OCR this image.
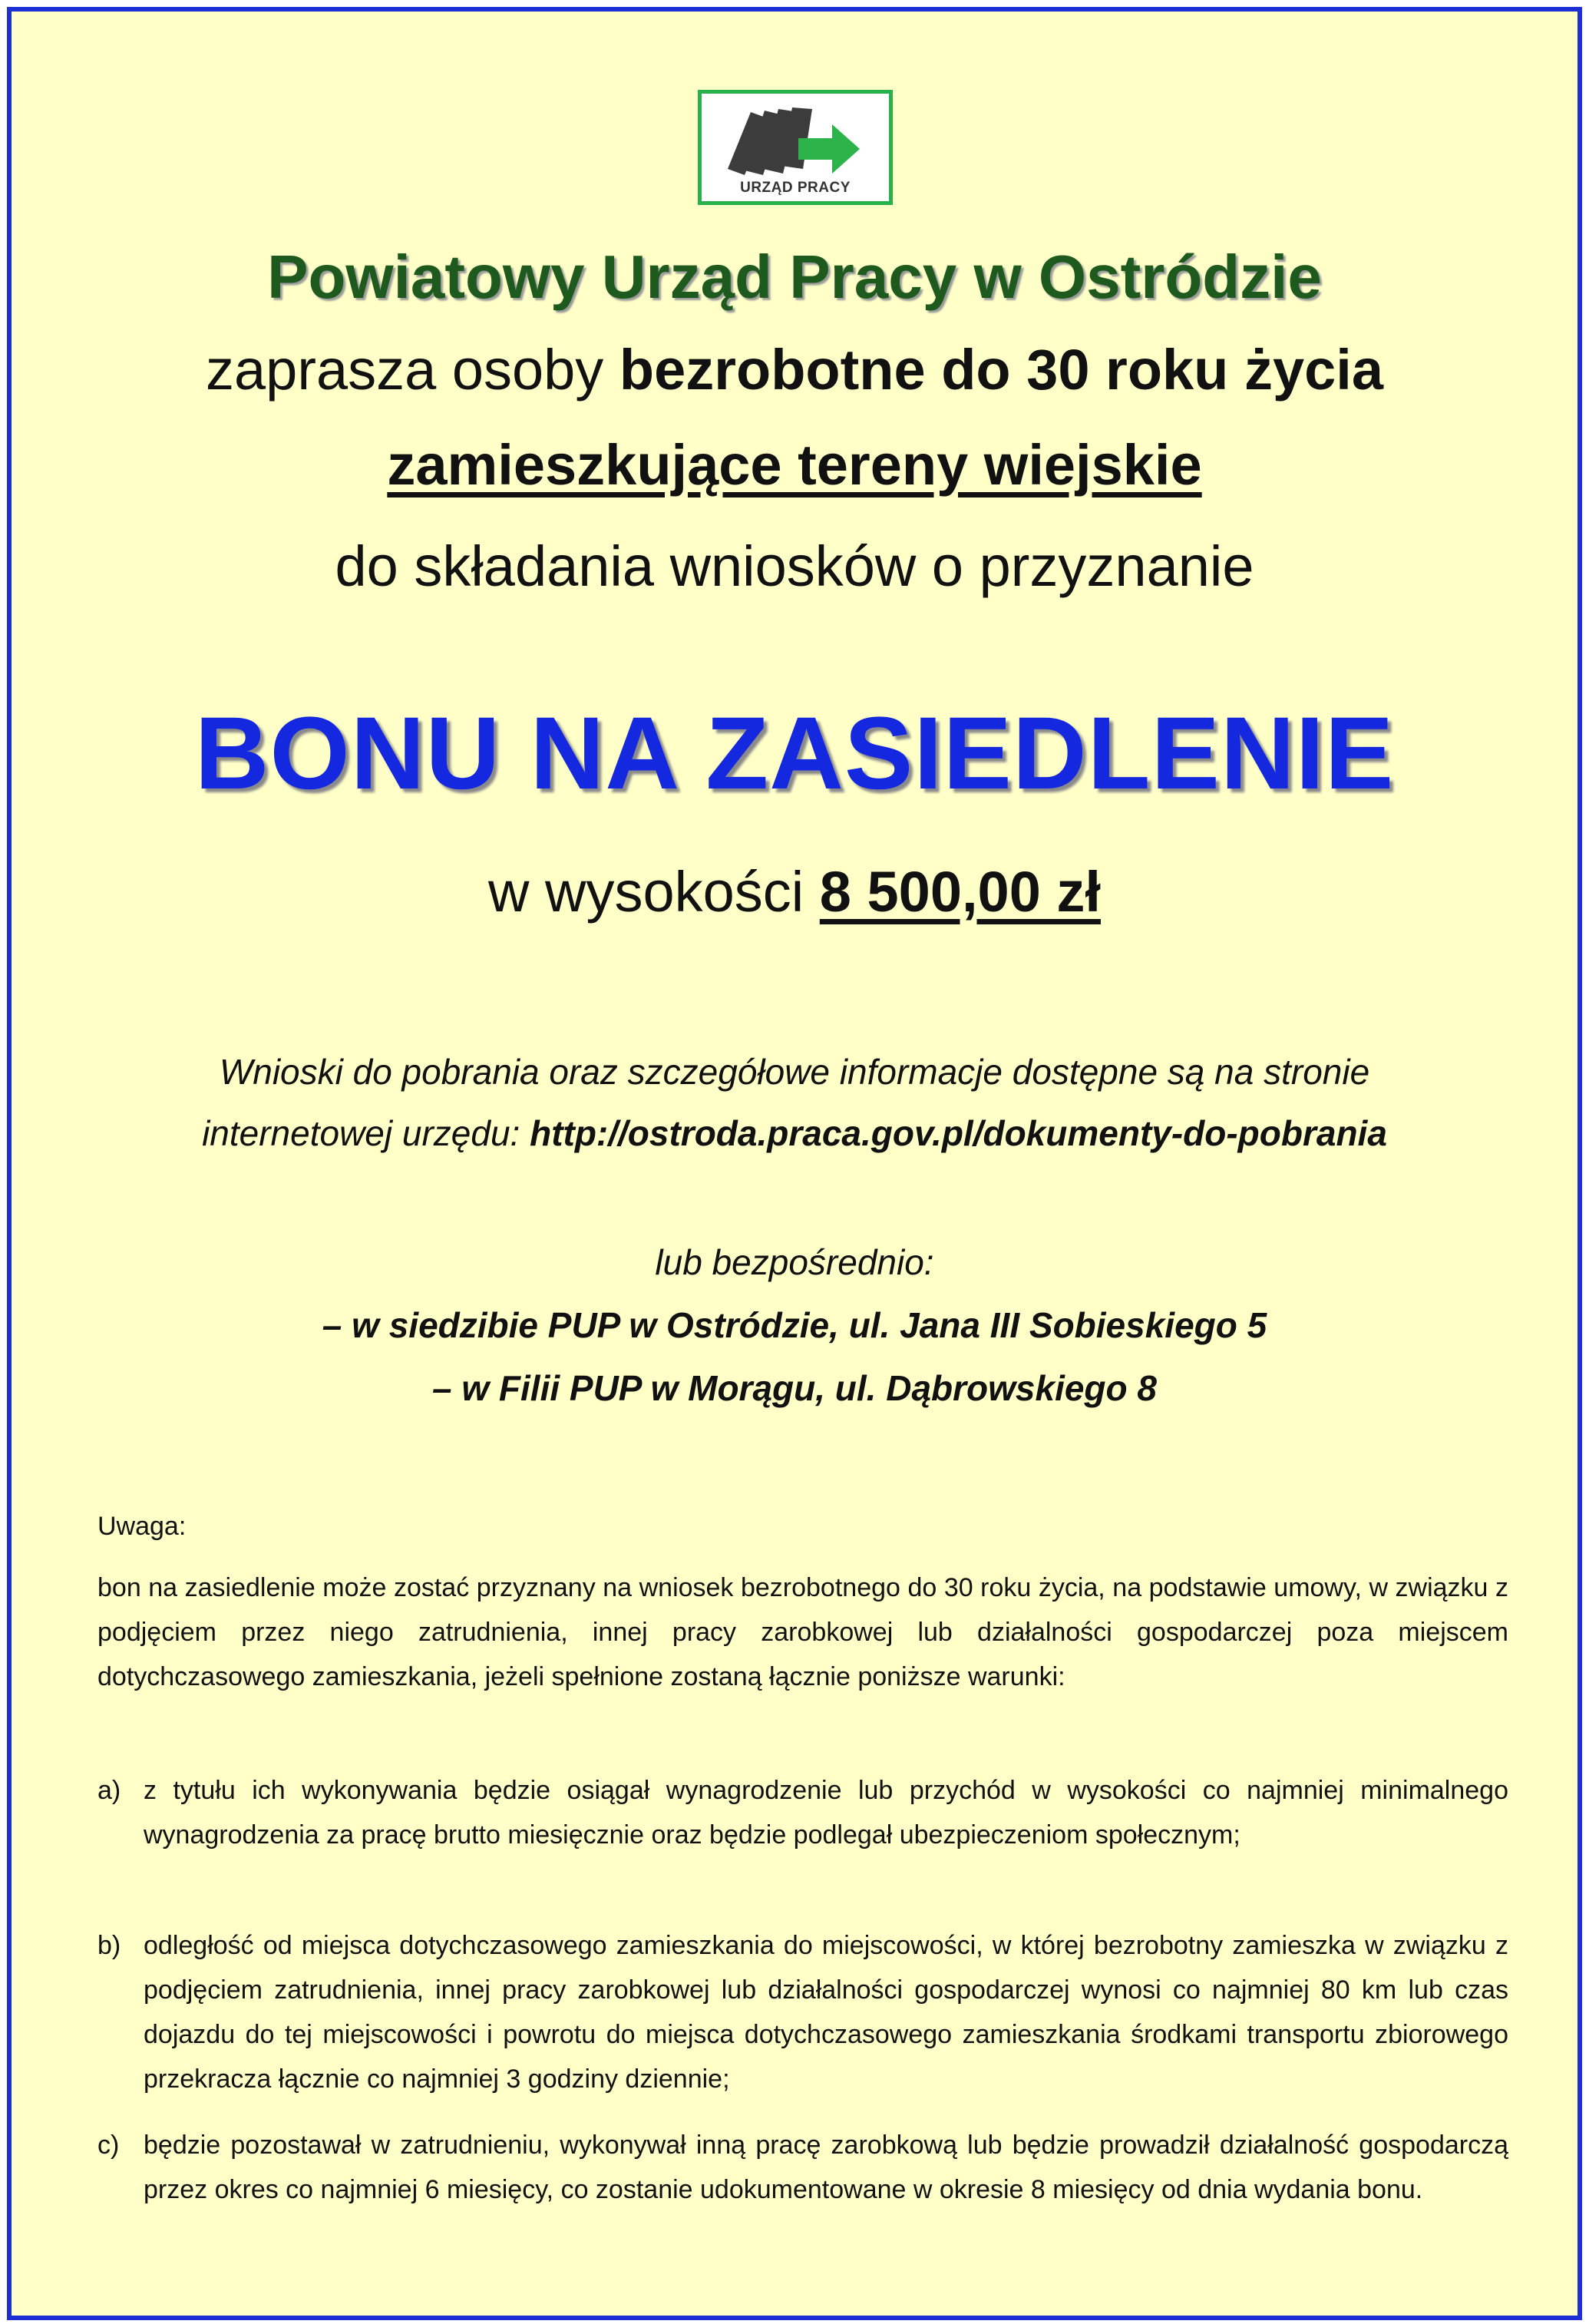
URZĄD PRACY
Powiatowy Urząd Pracy w Ostródzie
zaprasza osoby bezrobotne do 30 roku życia
zamieszkujące tereny wiejskie
do składania wniosków o przyznanie
BONU NA ZASIEDLENIE
w wysokości 8 500,00 zł
Wnioski do pobrania oraz szczegółowe informacje dostępne są na stronie
internetowej urzędu: http://ostroda.praca.gov.pl/dokumenty-do-pobrania
lub bezpośrednio:
– w siedzibie PUP w Ostródzie, ul. Jana III Sobieskiego 5
– w Filii PUP w Morągu, ul. Dąbrowskiego 8
Uwaga:
bon na zasiedlenie może zostać przyznany na wniosek bezrobotnego do 30 roku życia, na podstawie umowy, w związku z podjęciem przez niego zatrudnienia, innej pracy zarobkowej lub działalności gospodarczej poza miejscem dotychczasowego zamieszkania, jeżeli spełnione zostaną łącznie poniższe warunki:
a) z tytułu ich wykonywania będzie osiągał wynagrodzenie lub przychód w wysokości co najmniej minimalnego wynagrodzenia za pracę brutto miesięcznie oraz będzie podlegał ubezpieczeniom społecznym;
b) odległość od miejsca dotychczasowego zamieszkania do miejscowości, w której bezrobotny zamieszka w związku z podjęciem zatrudnienia, innej pracy zarobkowej lub działalności gospodarczej wynosi co najmniej 80 km lub czas dojazdu do tej miejscowości i powrotu do miejsca dotychczasowego zamieszkania środkami transportu zbiorowego przekracza łącznie co najmniej 3 godziny dziennie;
c) będzie pozostawał w zatrudnieniu, wykonywał inną pracę zarobkową lub będzie prowadził działalność gospodarczą przez okres co najmniej 6 miesięcy, co zostanie udokumentowane w okresie 8 miesięcy od dnia wydania bonu.
